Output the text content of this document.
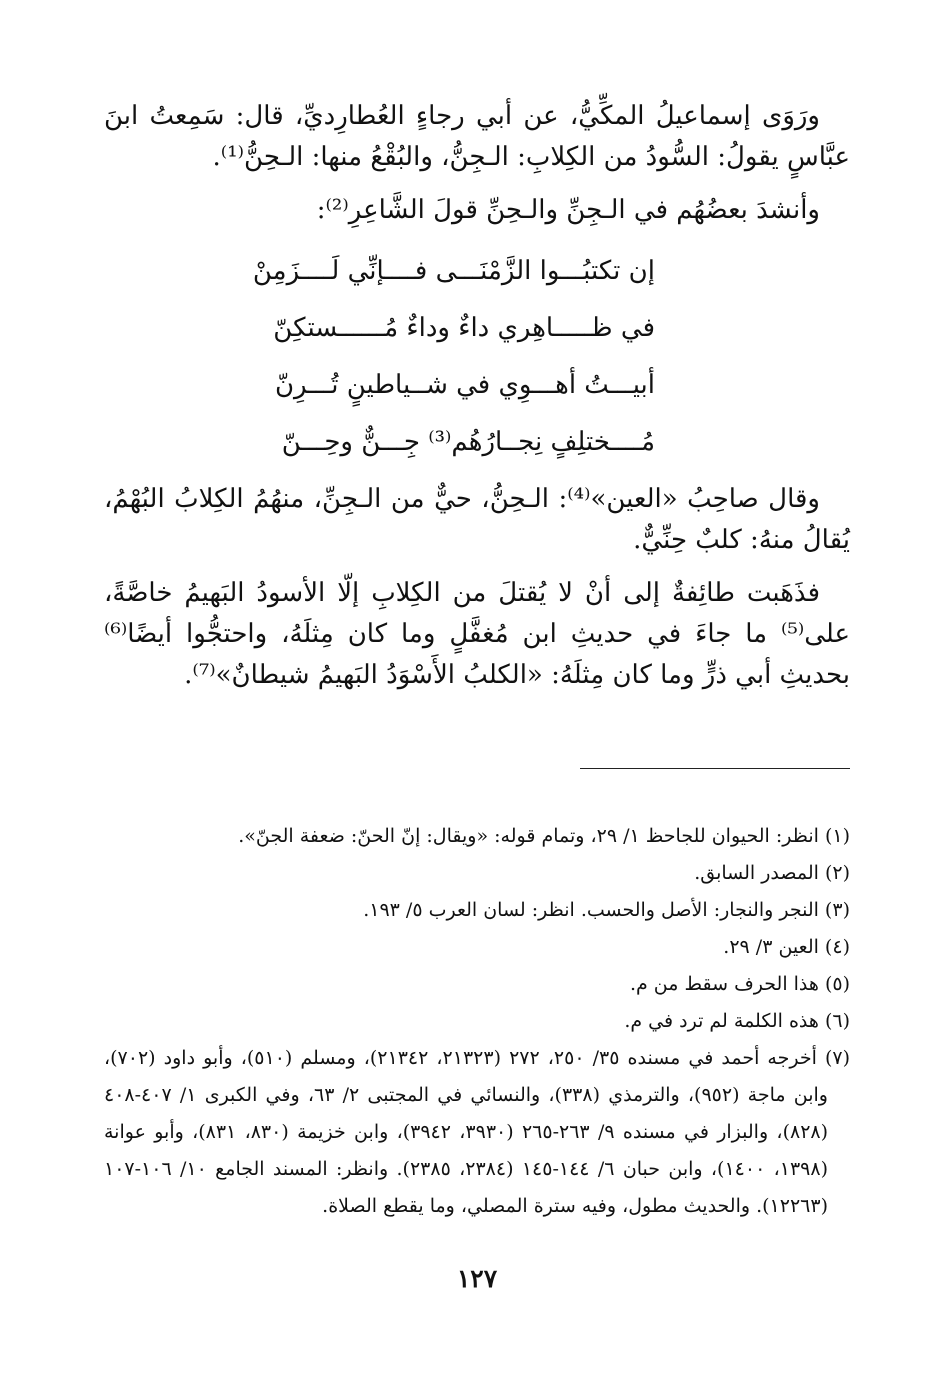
ورَوَى إسماعيلُ المكِّيُّ، عن أبي رجاءٍ العُطارِديِّ، قال: سَمِعتُ ابنَ عبَّاسٍ يقولُ: السُّودُ من الكِلابِ: الـجِنُّ، والبُقْعُ منها: الـحِنُّ⁽¹⁾.

وأنشدَ بعضُهُم في الـجِنِّ والـحِنِّ قولَ الشَّاعِرِ⁽²⁾:

إن تكتبُـــوا الزَّمْنَـــى فــــإنِّي لَــــزَمِنْ
في ظـــــاهِري داءٌ وداءٌ مُــــــستكِنّ
أبيـــتُ أهـــوِي في شــياطينٍ تُـــرِنّ
مُــــختلِفٍ نِجــارُهُم⁽³⁾ جِـــنٌّ وحِـــنّ

وقال صاحِبُ «العين»⁽⁴⁾: الـحِنُّ، حيٌّ من الـجِنِّ، منهُمُ الكِلابُ البُهْمُ، يُقالُ منهُ: كلبٌ حِنِّيٌّ.

فذَهَبت طائِفةٌ إلى أنْ لا يُقتلَ من الكِلابِ إلّا الأسودُ البَهيمُ خاصَّةً، على⁽⁵⁾ ما جاءَ في حديثِ ابن مُغفَّلٍ وما كان مِثلَهُ، واحتجُّوا أيضًا⁽⁶⁾ بحديثِ أبي ذرٍّ وما كان مِثلَهُ: «الكلبُ الأَسْوَدُ البَهيمُ شيطانٌ»⁽⁷⁾.

(١) انظر: الحيوان للجاحظ ١/ ٢٩، وتمام قوله: «ويقال: إنّ الحنّ: ضعفة الجنّ».

(٢) المصدر السابق.

(٣) النجر والنجار: الأصل والحسب. انظر: لسان العرب ٥/ ١٩٣.

(٤) العين ٣/ ٢٩.

(٥) هذا الحرف سقط من م.

(٦) هذه الكلمة لم ترد في م.

(٧) أخرجه أحمد في مسنده ٣٥/ ٢٥٠، ٢٧٢ (٢١٣٢٣، ٢١٣٤٢)، ومسلم (٥١٠)، وأبو داود (٧٠٢)، وابن ماجة (٩٥٢)، والترمذي (٣٣٨)، والنسائي في المجتبى ٢/ ٦٣، وفي الكبرى ١/ ٤٠٧-٤٠٨ (٨٢٨)، والبزار في مسنده ٩/ ٢٦٣-٢٦٥ (٣٩٣٠، ٣٩٤٢)، وابن خزيمة (٨٣٠، ٨٣١)، وأبو عوانة (١٣٩٨، ١٤٠٠)، وابن حبان ٦/ ١٤٤-١٤٥ (٢٣٨٤، ٢٣٨٥). وانظر: المسند الجامع ١٠/ ١٠٦-١٠٧ (١٢٢٦٣). والحديث مطول، وفيه سترة المصلي، وما يقطع الصلاة.

١٢٧
